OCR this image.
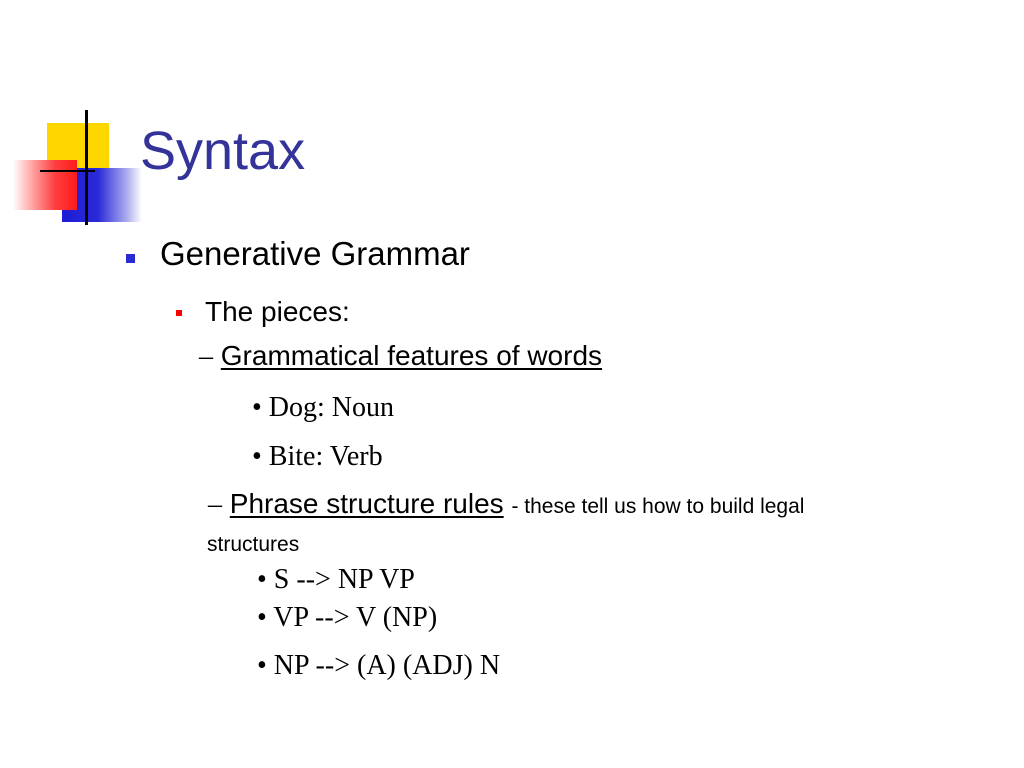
Syntax
Generative Grammar
The pieces:
– Grammatical features of words
• Dog: Noun
• Bite: Verb
– Phrase structure rules - these tell us how to build legal
structures
• S --> NP VP
• VP --> V (NP)
• NP --> (A) (ADJ) N
